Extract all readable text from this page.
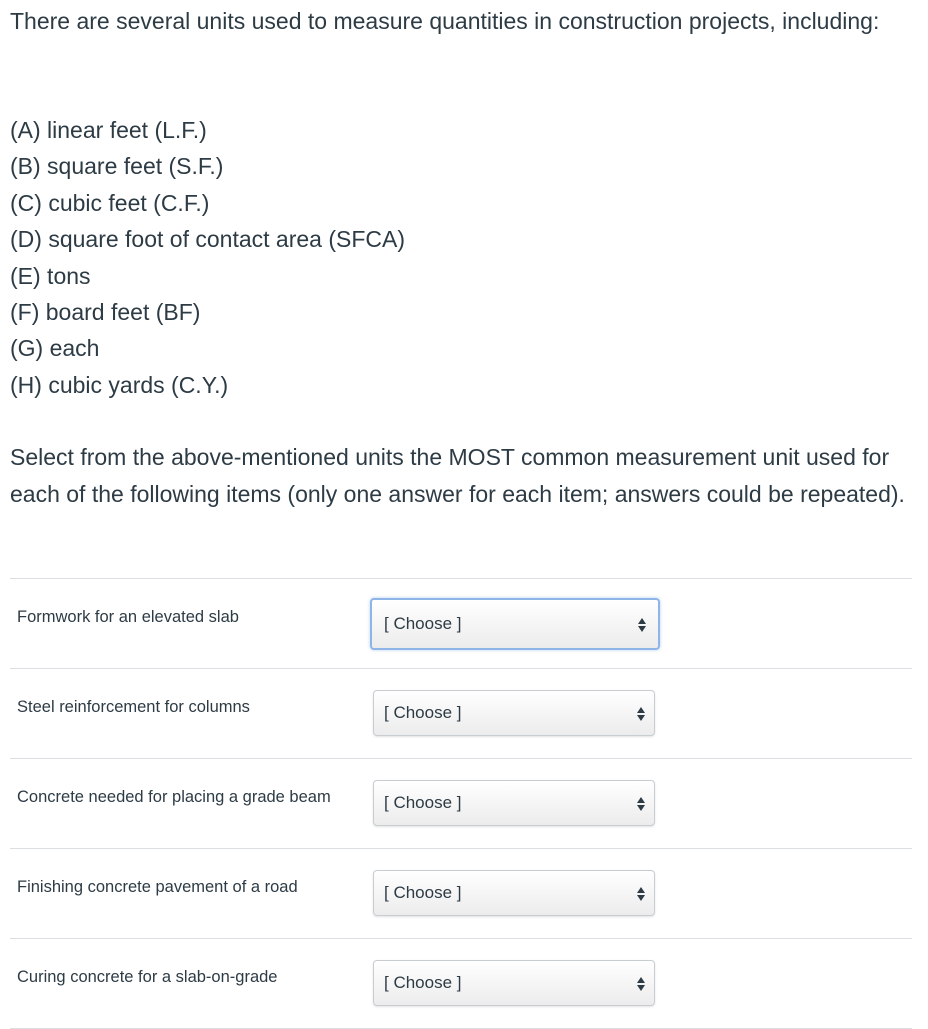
There are several units used to measure quantities in construction projects, including:

(A) linear feet (L.F.)
(B) square feet (S.F.)
(C) cubic feet (C.F.)
(D) square foot of contact area (SFCA)
(E) tons
(F) board feet (BF)
(G) each
(H) cubic yards (C.Y.)

Select from the above-mentioned units the MOST common measurement unit used for each of the following items (only one answer for each item; answers could be repeated).

Formwork for an elevated slab	[ Choose ]
Steel reinforcement for columns	[ Choose ]
Concrete needed for placing a grade beam	[ Choose ]
Finishing concrete pavement of a road	[ Choose ]
Curing concrete for a slab-on-grade	[ Choose ]
